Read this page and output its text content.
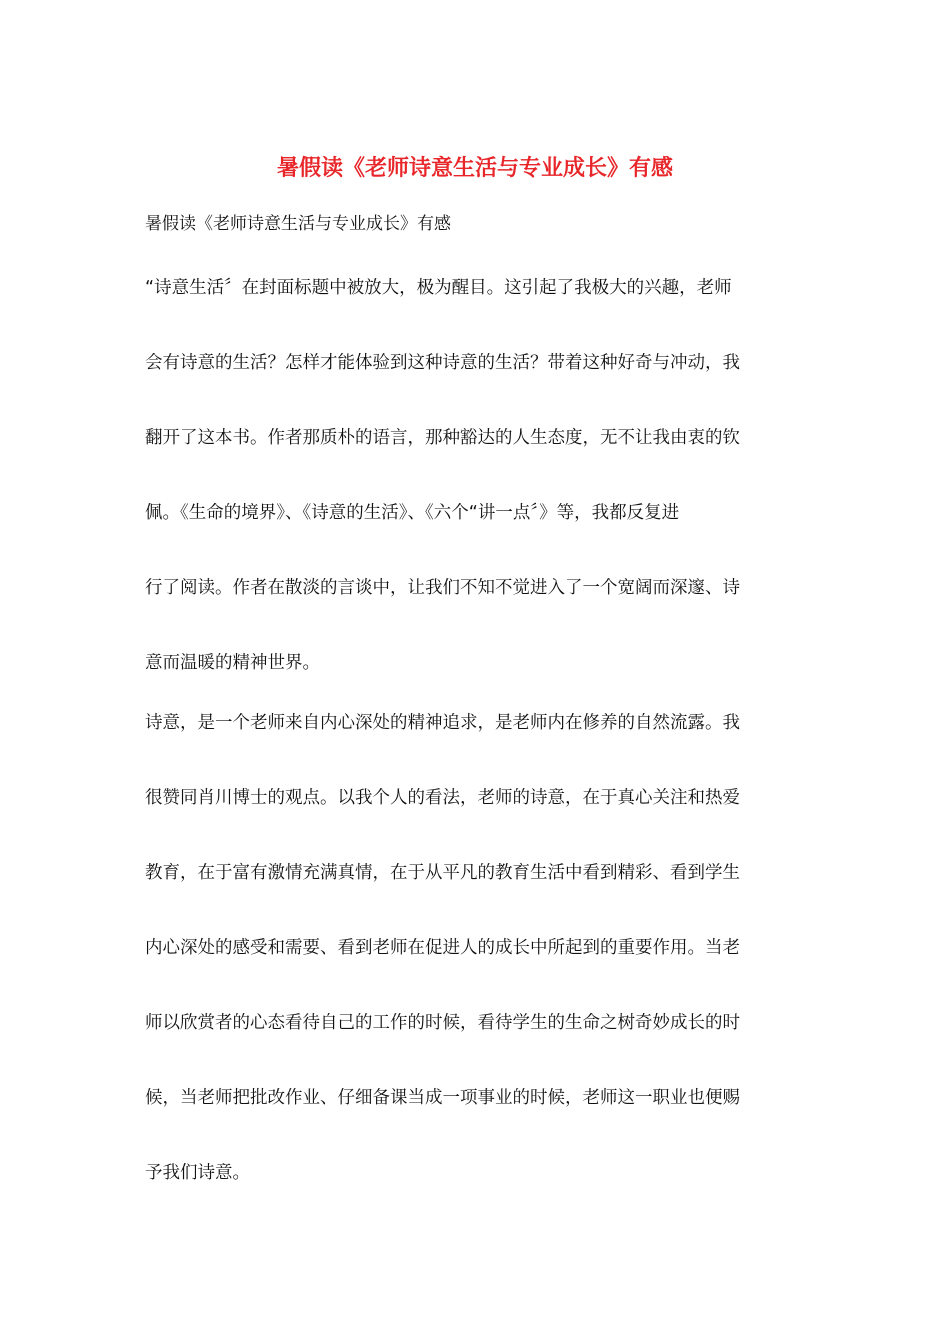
暑假读《老师诗意生活与专业成长》有感

暑假读《老师诗意生活与专业成长》有感

“诗意生活〞在封面标题中被放大，极为醒目。这引起了我极大的兴趣，老师
会有诗意的生活？怎样才能体验到这种诗意的生活？带着这种好奇与冲动，我
翻开了这本书。作者那质朴的语言，那种豁达的人生态度，无不让我由衷的钦
佩。《生命的境界》、《诗意的生活》、《六个“讲一点〞》等，我都反复进
行了阅读。作者在散淡的言谈中，让我们不知不觉进入了一个宽阔而深邃、诗
意而温暖的精神世界。

诗意，是一个老师来自内心深处的精神追求，是老师内在修养的自然流露。我
很赞同肖川博士的观点。以我个人的看法，老师的诗意，在于真心关注和热爱
教育，在于富有激情充满真情，在于从平凡的教育生活中看到精彩、看到学生
内心深处的感受和需要、看到老师在促进人的成长中所起到的重要作用。当老
师以欣赏者的心态看待自己的工作的时候，看待学生的生命之树奇妙成长的时
候，当老师把批改作业、仔细备课当成一项事业的时候，老师这一职业也便赐
予我们诗意。
